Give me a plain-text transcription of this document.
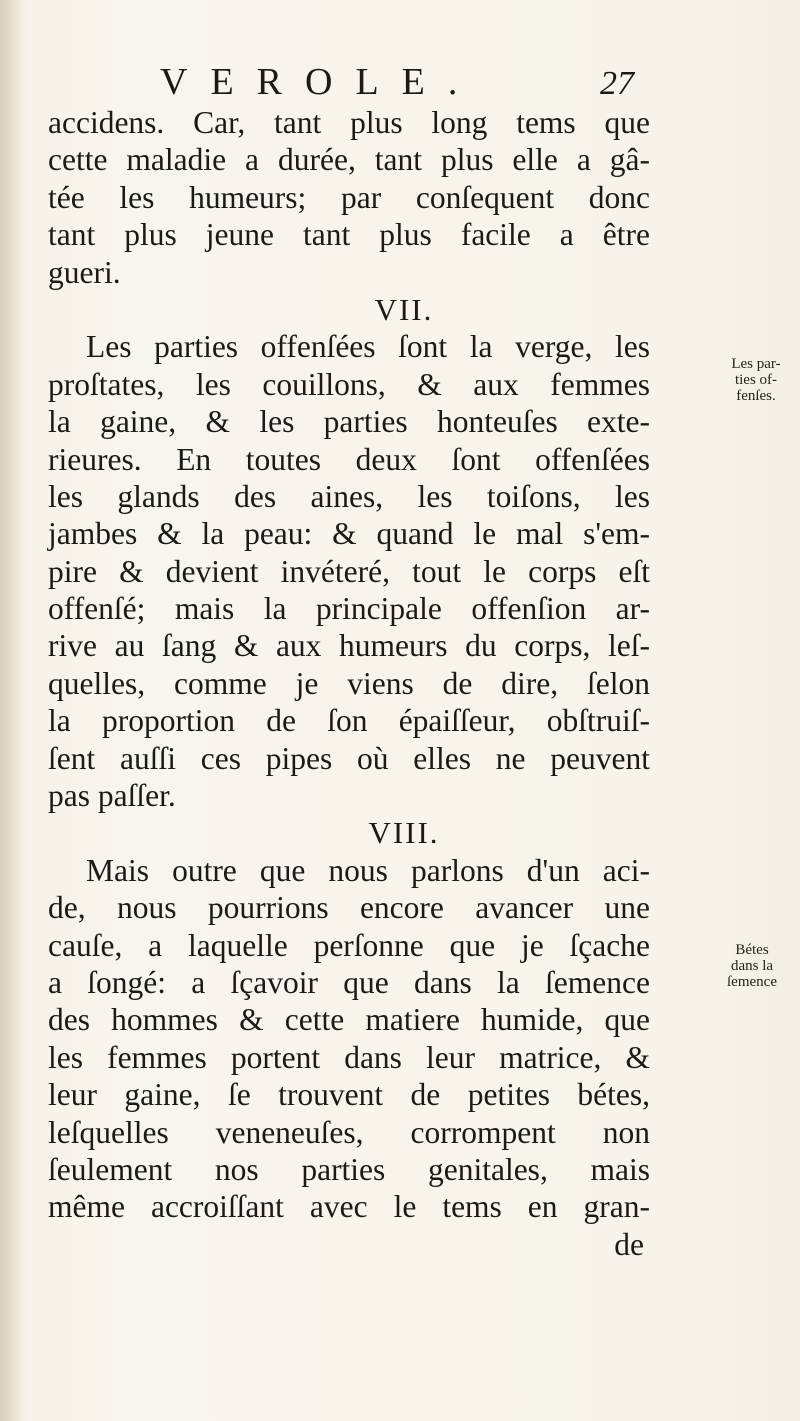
VEROLE.	27
accidens. Car, tant plus long tems que
cette maladie a durée, tant plus elle a gâ-
tée les humeurs; par conſequent donc
tant plus jeune tant plus facile a être
gueri.
VII.
Les parties offenſées ſont la verge, les
proſtates, les couillons, & aux femmes
la gaine, & les parties honteuſes exte-
rieures. En toutes deux ſont offenſées
les glands des aines, les toiſons, les
jambes & la peau: & quand le mal s'em-
pire & devient invéteré, tout le corps eſt
offenſé; mais la principale offenſion ar-
rive au ſang & aux humeurs du corps, leſ-
quelles, comme je viens de dire, ſelon
la proportion de ſon épaiſſeur, obſtruiſ-
ſent auſſi ces pipes où elles ne peuvent
pas paſſer.
VIII.
Mais outre que nous parlons d'un aci-
de, nous pourrions encore avancer une
cauſe, a laquelle perſonne que je ſçache
a ſongé: a ſçavoir que dans la ſemence
des hommes & cette matiere humide, que
les femmes portent dans leur matrice, &
leur gaine, ſe trouvent de petites bétes,
leſquelles veneneuſes, corrompent non
ſeulement nos parties genitales, mais
même accroiſſant avec le tems en gran-
de
Les par-
ties of-
fenſes.
Bétes
dans la
ſemence
